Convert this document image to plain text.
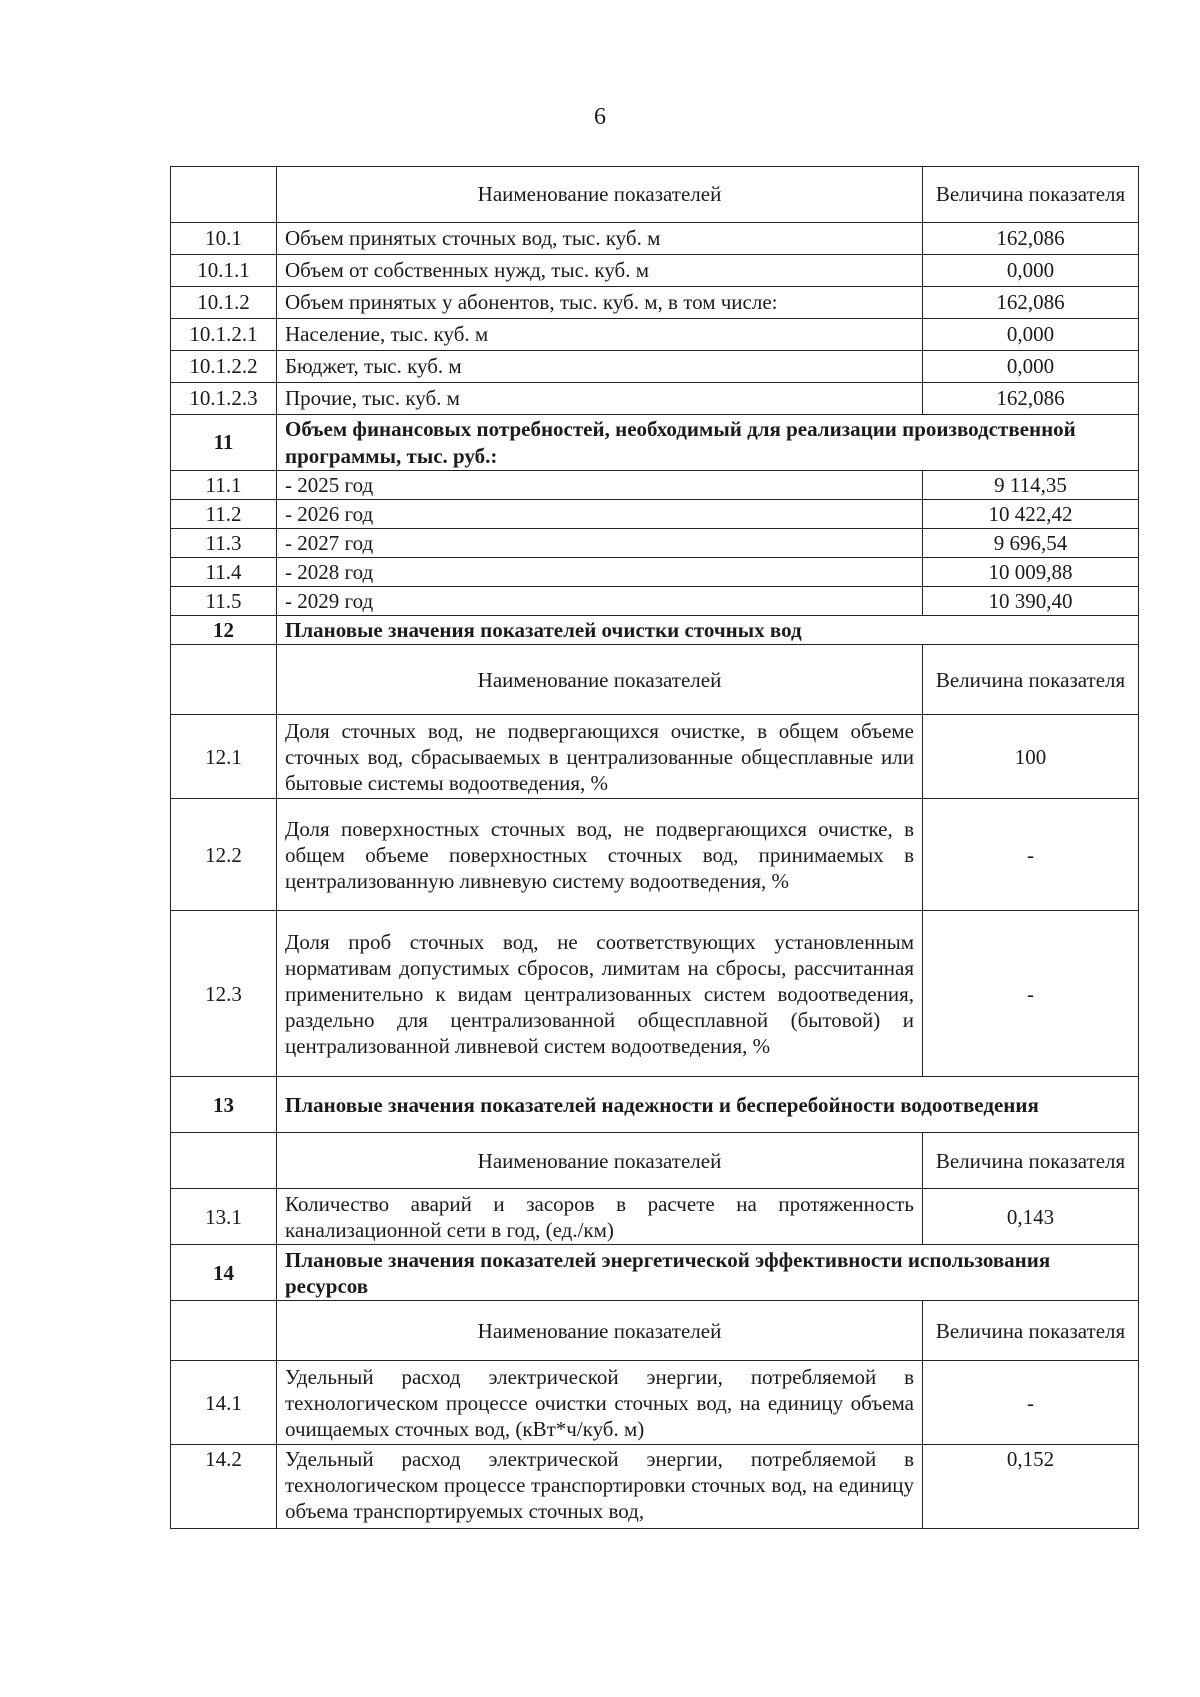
6
	Наименование показателей	Величина показателя
10.1	Объем принятых сточных вод, тыс. куб. м	162,086
10.1.1	Объем от собственных нужд, тыс. куб. м	0,000
10.1.2	Объем принятых у абонентов, тыс. куб. м, в том числе:	162,086
10.1.2.1	Население, тыс. куб. м	0,000
10.1.2.2	Бюджет, тыс. куб. м	0,000
10.1.2.3	Прочие, тыс. куб. м	162,086
11	Объем финансовых потребностей, необходимый для реализации производственной программы, тыс. руб.:	
11.1	- 2025 год	9 114,35
11.2	- 2026 год	10 422,42
11.3	- 2027 год	9 696,54
11.4	- 2028 год	10 009,88
11.5	- 2029 год	10 390,40
12	Плановые значения показателей очистки сточных вод	
	Наименование показателей	Величина показателя
12.1	Доля сточных вод, не подвергающихся очистке, в общем объеме сточных вод, сбрасываемых в централизованные общесплавные или бытовые системы водоотведения, %	100
12.2	Доля поверхностных сточных вод, не подвергающихся очистке, в общем объеме поверхностных сточных вод, принимаемых в централизованную ливневую систему водоотведения, %	-
12.3	Доля проб сточных вод, не соответствующих установленным нормативам допустимых сбросов, лимитам на сбросы, рассчитанная применительно к видам централизованных систем водоотведения, раздельно для централизованной общесплавной (бытовой) и централизованной ливневой систем водоотведения, %	-
13	Плановые значения показателей надежности и бесперебойности водоотведения	
	Наименование показателей	Величина показателя
13.1	Количество аварий и засоров в расчете на протяженность канализационной сети в год, (ед./км)	0,143
14	Плановые значения показателей энергетической эффективности использования ресурсов	
	Наименование показателей	Величина показателя
14.1	Удельный расход электрической энергии, потребляемой в технологическом процессе очистки сточных вод, на единицу объема очищаемых сточных вод, (кВт*ч/куб. м)	-
14.2	Удельный расход электрической энергии, потребляемой в технологическом процессе транспортировки сточных вод, на единицу объема транспортируемых сточных вод,	0,152
